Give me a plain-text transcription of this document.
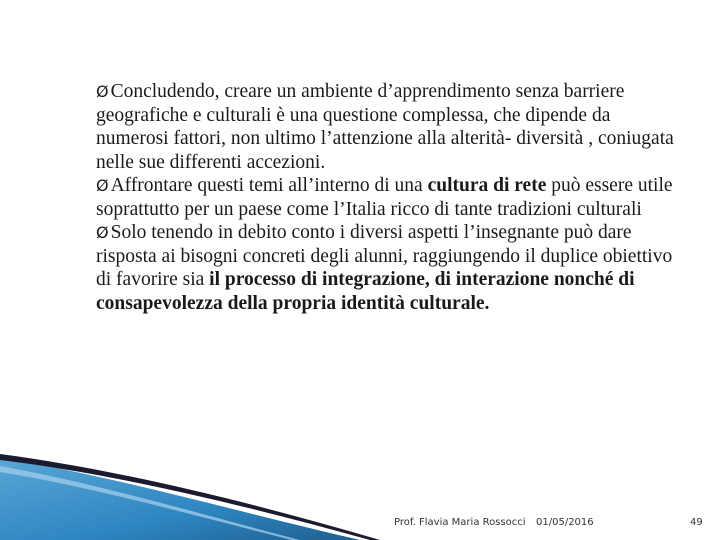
Ø Concludendo, creare un ambiente d’apprendimento senza barriere geografiche e culturali è una questione complessa, che dipende da numerosi fattori, non ultimo l’attenzione alla alterità- diversità , coniugata nelle sue differenti accezioni.

Ø Affrontare questi temi all’interno di una cultura di rete può essere utile soprattutto per un paese come l’Italia ricco di tante tradizioni culturali

Ø Solo tenendo in debito conto i diversi aspetti l’insegnante può dare risposta ai bisogni concreti degli alunni, raggiungendo il duplice obiettivo di favorire sia il processo di integrazione, di interazione nonché di consapevolezza della propria identità culturale.

Prof. Flavia Maria Rossocci 01/05/2016	49
